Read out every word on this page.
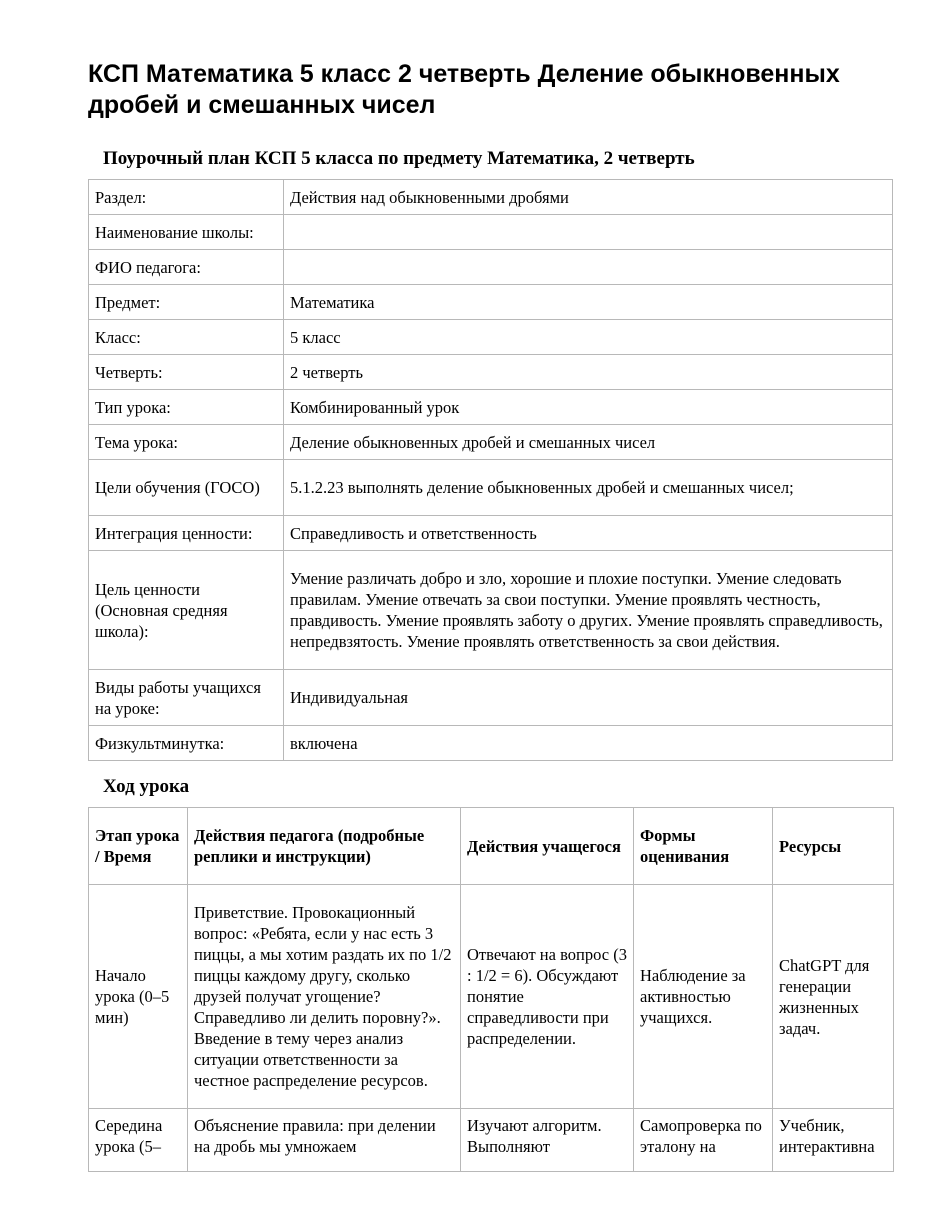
КСП Математика 5 класс 2 четверть Деление обыкновенных дробей и смешанных чисел
Поурочный план КСП 5 класса по предмету Математика, 2 четверть
Раздел:	Действия над обыкновенными дробями
Наименование школы:	
ФИО педагога:	
Предмет:	Математика
Класс:	5 класс
Четверть:	2 четверть
Тип урока:	Комбинированный урок
Тема урока:	Деление обыкновенных дробей и смешанных чисел
Цели обучения (ГОСО)	5.1.2.23 выполнять деление обыкновенных дробей и смешанных чисел;
Интеграция ценности:	Справедливость и ответственность
Цель ценности (Основная средняя школа):	Умение различать добро и зло, хорошие и плохие поступки. Умение следовать правилам. Умение отвечать за свои поступки. Умение проявлять честность, правдивость. Умение проявлять заботу о других. Умение проявлять справедливость, непредвзятость. Умение проявлять ответственность за свои действия.
Виды работы учащихся на уроке:	Индивидуальная
Физкультминутка:	включена
Ход урока
Этап урока / Время	Действия педагога (подробные реплики и инструкции)	Действия учащегося	Формы оценивания	Ресурсы
Начало урока (0–5 мин)	Приветствие. Провокационный вопрос: «Ребята, если у нас есть 3 пиццы, а мы хотим раздать их по 1/2 пиццы каждому другу, сколько друзей получат угощение? Справедливо ли делить поровну?». Введение в тему через анализ ситуации ответственности за честное распределение ресурсов.	Отвечают на вопрос (3 : 1/2 = 6). Обсуждают понятие справедливости при распределении.	Наблюдение за активностью учащихся.	ChatGPT для генерации жизненных задач.

Середина урока (5–	Объяснение правила: при делении на дробь мы умножаем	Изучают алгоритм. Выполняют	Самопроверка по эталону на	Учебник, интерактивна
